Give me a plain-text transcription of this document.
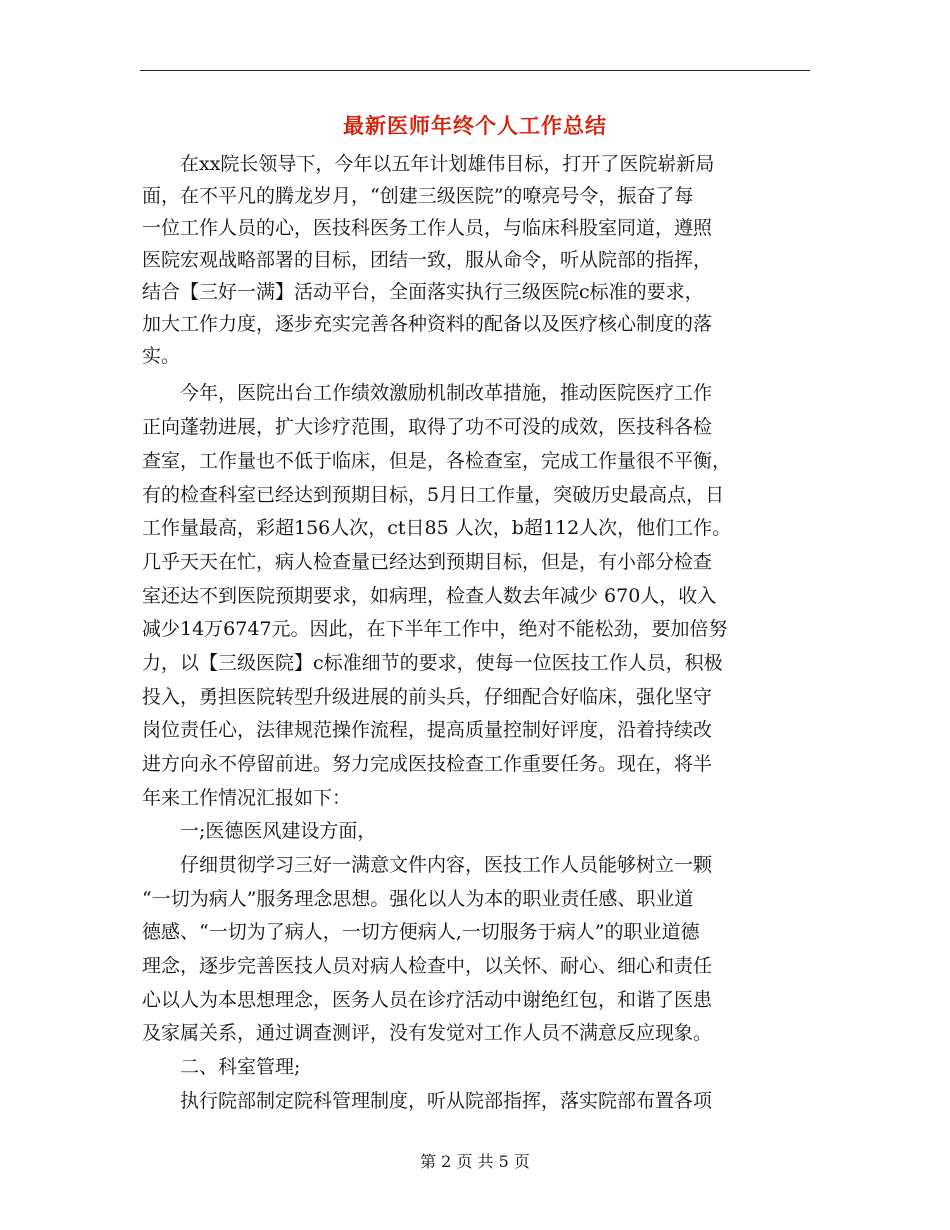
最新医师年终个人工作总结
　　在xx院长领导下，今年以五年计划雄伟目标，打开了医院崭新局
面，在不平凡的腾龙岁月，“创建三级医院”的嘹亮号令，振奋了每
一位工作人员的心，医技科医务工作人员，与临床科股室同道，遵照
医院宏观战略部署的目标，团结一致，服从命令，听从院部的指挥，
结合【三好一满】活动平台，全面落实执行三级医院c标准的要求，
加大工作力度，逐步充实完善各种资料的配备以及医疗核心制度的落
实。
　　今年，医院出台工作绩效激励机制改革措施，推动医院医疗工作
正向蓬勃进展，扩大诊疗范围，取得了功不可没的成效，医技科各检
查室，工作量也不低于临床，但是，各检查室，完成工作量很不平衡，
有的检查科室已经达到预期目标，5月日工作量，突破历史最高点，日
工作量最高，彩超156人次，ct日85 人次，b超112人次，他们工作。
几乎天天在忙，病人检查量已经达到预期目标，但是，有小部分检查
室还达不到医院预期要求，如病理，检查人数去年减少 670人，收入
减少14万6747元。因此，在下半年工作中，绝对不能松劲，要加倍努
力，以【三级医院】c标准细节的要求，使每一位医技工作人员，积极
投入，勇担医院转型升级进展的前头兵，仔细配合好临床，强化坚守
岗位责任心，法律规范操作流程，提高质量控制好评度，沿着持续改
进方向永不停留前进。努力完成医技检查工作重要任务。现在，将半
年来工作情况汇报如下：
　　一;医德医风建设方面，
　　仔细贯彻学习三好一满意文件内容，医技工作人员能够树立一颗
“一切为病人”服务理念思想。强化以人为本的职业责任感、职业道
德感、“一切为了病人，一切方便病人,一切服务于病人”的职业道德
理念，逐步完善医技人员对病人检查中，以关怀、耐心、细心和责任
心以人为本思想理念，医务人员在诊疗活动中谢绝红包，和谐了医患
及家属关系，通过调查测评，没有发觉对工作人员不满意反应现象。
　　二、科室管理;
　　执行院部制定院科管理制度，听从院部指挥，落实院部布置各项
第 2 页 共 5 页
